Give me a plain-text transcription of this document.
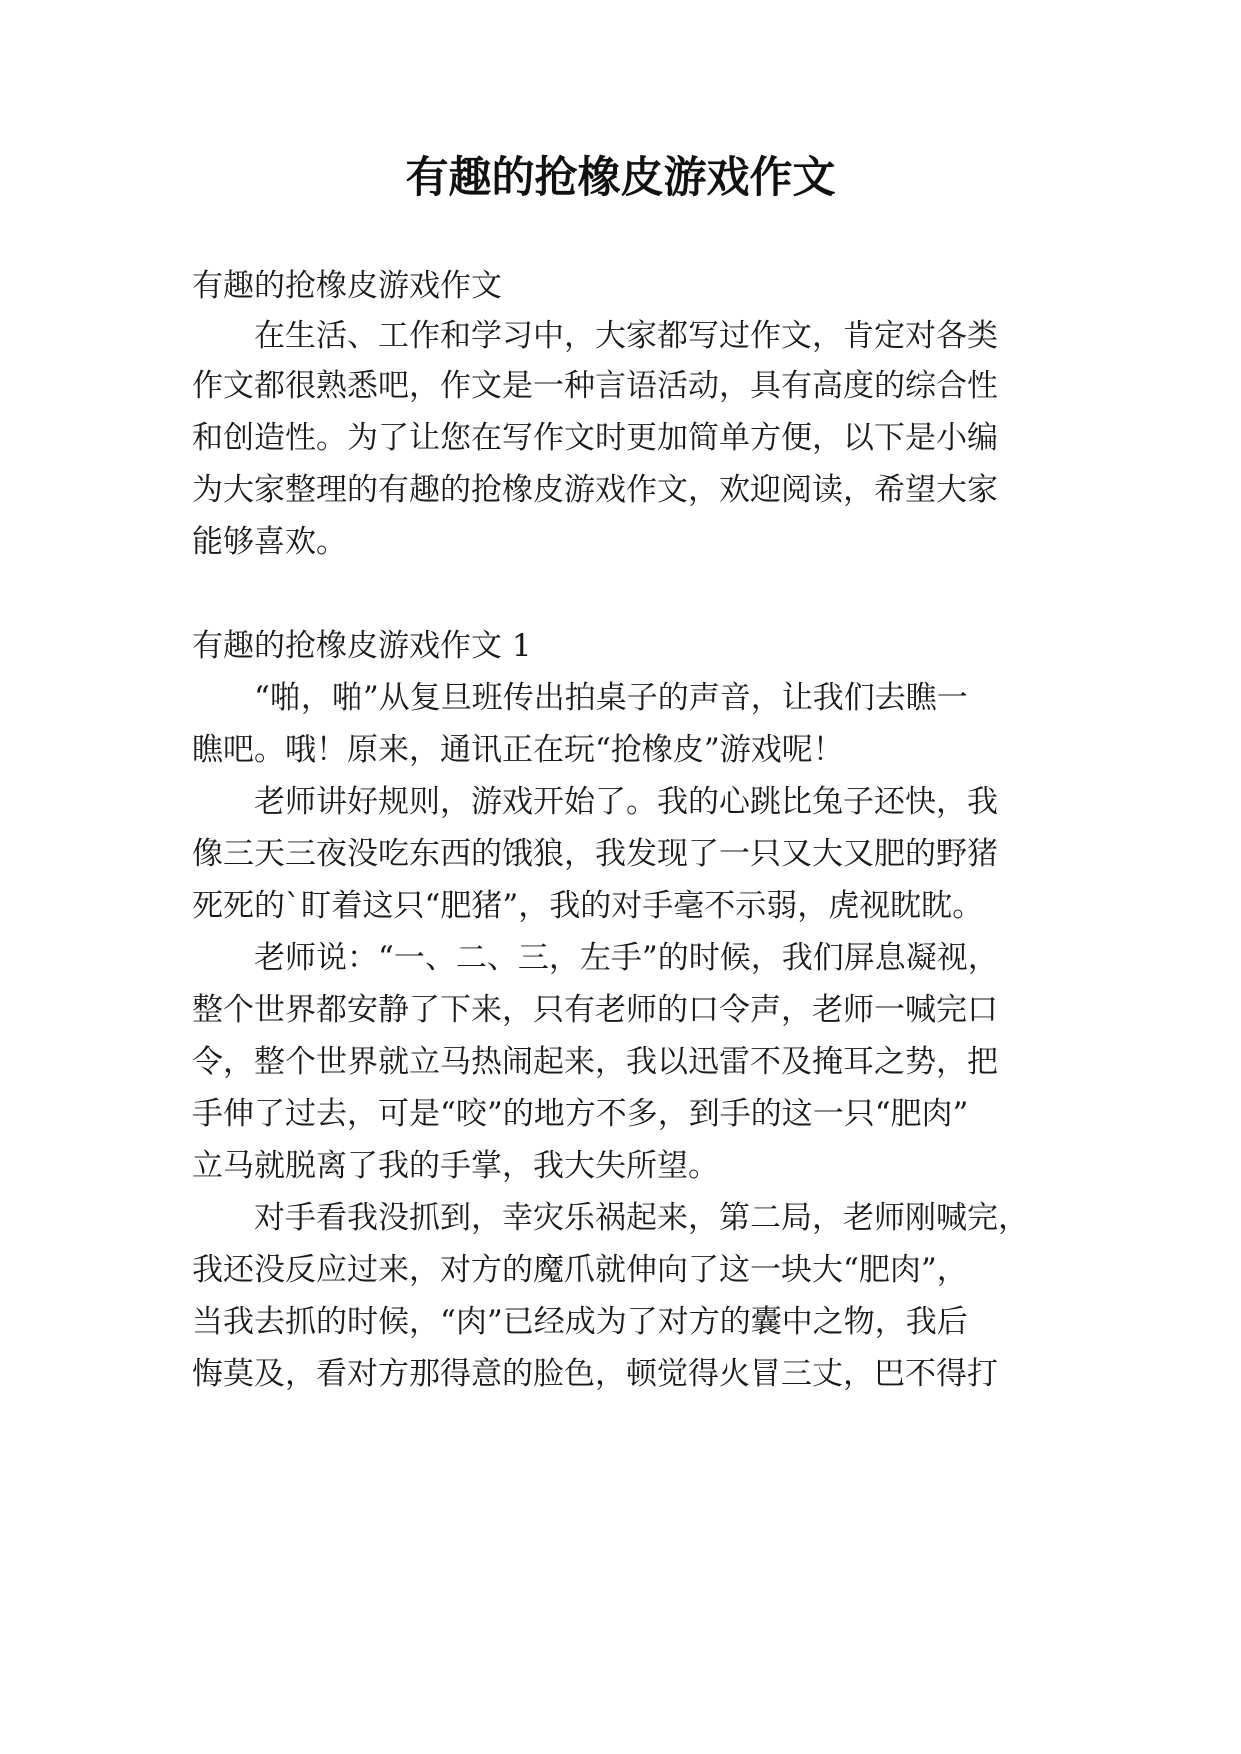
有趣的抢橡皮游戏作文
有趣的抢橡皮游戏作文
　　在生活、工作和学习中，大家都写过作文，肯定对各类
作文都很熟悉吧，作文是一种言语活动，具有高度的综合性
和创造性。为了让您在写作文时更加简单方便，以下是小编
为大家整理的有趣的抢橡皮游戏作文，欢迎阅读，希望大家
能够喜欢。
有趣的抢橡皮游戏作文 1
　　“啪，啪”从复旦班传出拍桌子的声音，让我们去瞧一
瞧吧。哦！原来，通讯正在玩“抢橡皮”游戏呢！
　　老师讲好规则，游戏开始了。我的心跳比兔子还快，我
像三天三夜没吃东西的饿狼，我发现了一只又大又肥的野猪
死死的`盯着这只“肥猪”，我的对手毫不示弱，虎视眈眈。
　　老师说：“一、二、三，左手”的时候，我们屏息凝视，
整个世界都安静了下来，只有老师的口令声，老师一喊完口
令，整个世界就立马热闹起来，我以迅雷不及掩耳之势，把
手伸了过去，可是“咬”的地方不多，到手的这一只“肥肉”
立马就脱离了我的手掌，我大失所望。
　　对手看我没抓到，幸灾乐祸起来，第二局，老师刚喊完，
我还没反应过来，对方的魔爪就伸向了这一块大“肥肉”，
当我去抓的时候，“肉”已经成为了对方的囊中之物，我后
悔莫及，看对方那得意的脸色，顿觉得火冒三丈，巴不得打
